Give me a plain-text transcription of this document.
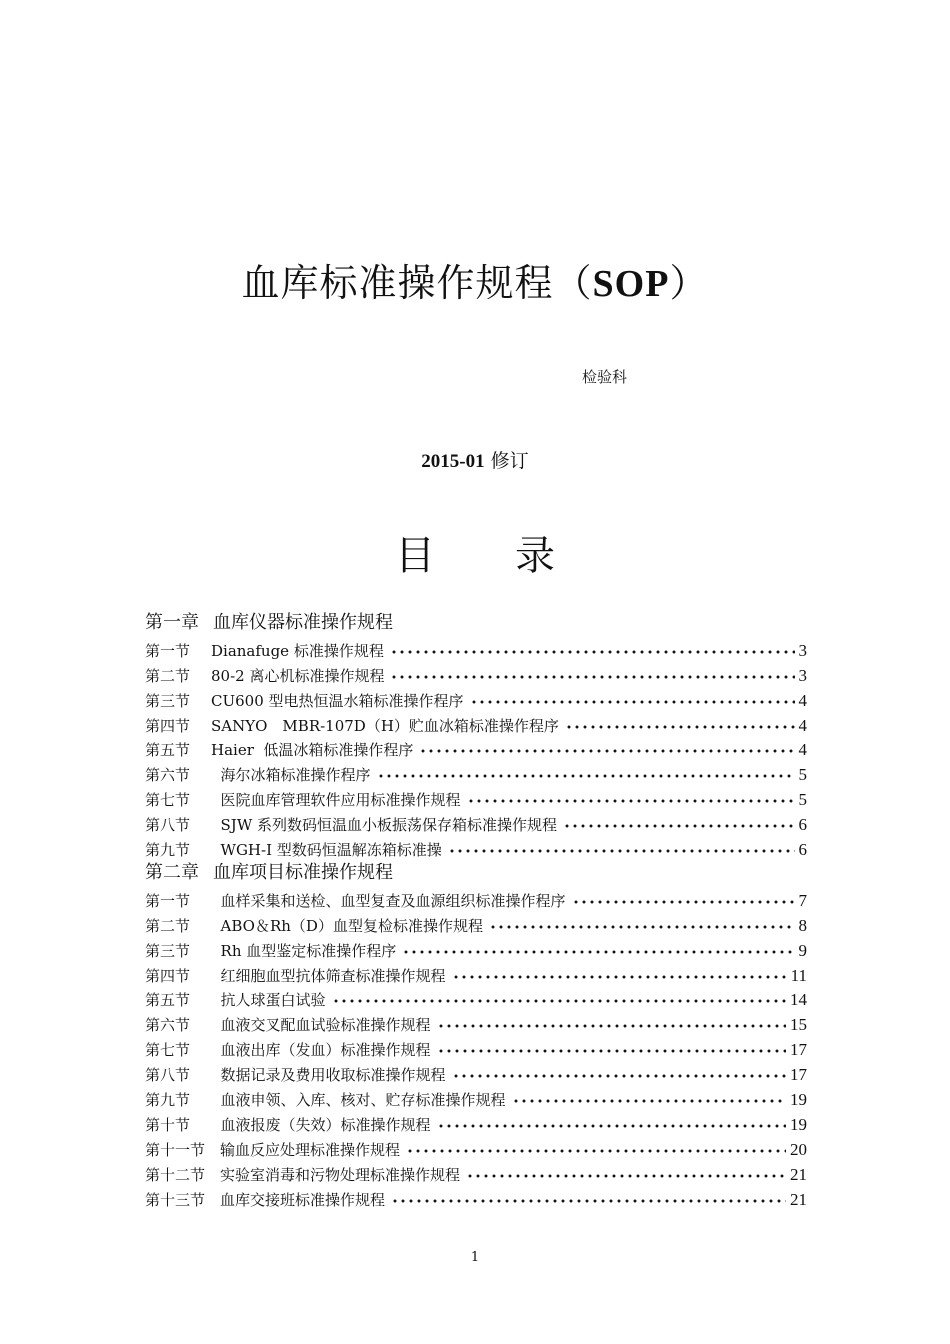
血库标准操作规程（SOP）
检验科
2015-01 修订
目 录
第一章 血库仪器标准操作规程
第一节	Dianafuge 标准操作规程	3
第二节	80-2 离心机标准操作规程	3
第三节	CU600 型电热恒温水箱标准操作程序	4
第四节	SANYO　MBR-107D（H）贮血冰箱标准操作程序	4
第五节	Haier  低温冰箱标准操作程序	4
第六节	海尔冰箱标准操作程序	5
第七节	医院血库管理软件应用标准操作规程	5
第八节	SJW 系列数码恒温血小板振荡保存箱标准操作规程	6
第九节	WGH-I 型数码恒温解冻箱标准操	6
第二章 血库项目标准操作规程
第一节	血样采集和送检、血型复查及血源组织标准操作程序	7
第二节	ABO＆Rh（D）血型复检标准操作规程	8
第三节	Rh 血型鉴定标准操作程序	9
第四节	红细胞血型抗体筛查标准操作规程	11
第五节	抗人球蛋白试验	14
第六节	血液交叉配血试验标准操作规程	15
第七节	血液出库（发血）标准操作规程	17
第八节	数据记录及费用收取标准操作规程	17
第九节	血液申领、入库、核对、贮存标准操作规程	19
第十节	血液报废（失效）标准操作规程	19
第十一节 输血反应处理标准操作规程	20
第十二节 实验室消毒和污物处理标准操作规程	21
第十三节 血库交接班标准操作规程	21
1
